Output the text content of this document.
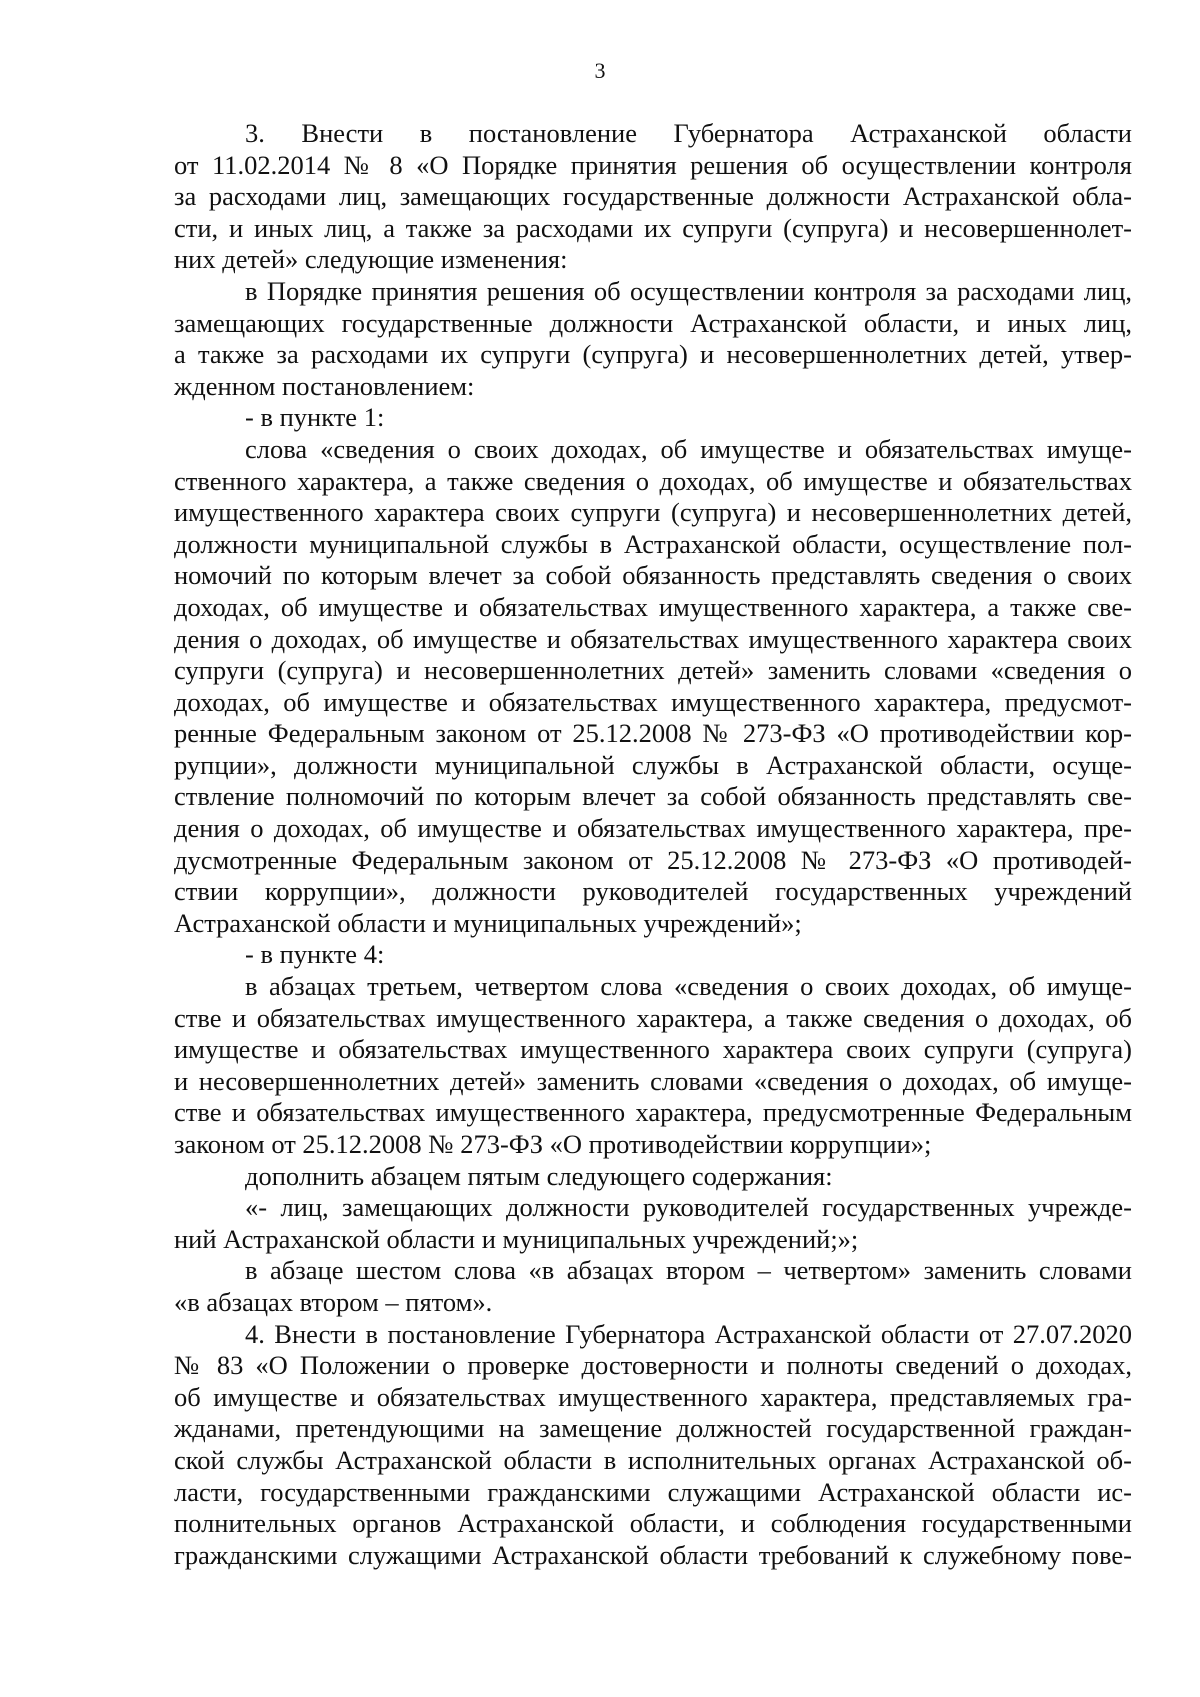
3
3. Внести в постановление Губернатора Астраханской области
от 11.02.2014 № 8 «О Порядке принятия решения об осуществлении контроля
за расходами лиц, замещающих государственные должности Астраханской обла-
сти, и иных лиц, а также за расходами их супруги (супруга) и несовершеннолет-
них детей» следующие изменения:
в Порядке принятия решения об осуществлении контроля за расходами лиц,
замещающих государственные должности Астраханской области, и иных лиц,
а также за расходами их супруги (супруга) и несовершеннолетних детей, утвер-
жденном постановлением:
- в пункте 1:
слова «сведения о своих доходах, об имуществе и обязательствах имуще-
ственного характера, а также сведения о доходах, об имуществе и обязательствах
имущественного характера своих супруги (супруга) и несовершеннолетних детей,
должности муниципальной службы в Астраханской области, осуществление пол-
номочий по которым влечет за собой обязанность представлять сведения о своих
доходах, об имуществе и обязательствах имущественного характера, а также све-
дения о доходах, об имуществе и обязательствах имущественного характера своих
супруги (супруга) и несовершеннолетних детей» заменить словами «сведения о
доходах, об имуществе и обязательствах имущественного характера, предусмот-
ренные Федеральным законом от 25.12.2008 № 273-ФЗ «О противодействии кор-
рупции», должности муниципальной службы в Астраханской области, осуще-
ствление полномочий по которым влечет за собой обязанность представлять све-
дения о доходах, об имуществе и обязательствах имущественного характера, пре-
дусмотренные Федеральным законом от 25.12.2008 № 273-ФЗ «О противодей-
ствии коррупции», должности руководителей государственных учреждений
Астраханской области и муниципальных учреждений»;
- в пункте 4:
в абзацах третьем, четвертом слова «сведения о своих доходах, об имуще-
стве и обязательствах имущественного характера, а также сведения о доходах, об
имуществе и обязательствах имущественного характера своих супруги (супруга)
и несовершеннолетних детей» заменить словами «сведения о доходах, об имуще-
стве и обязательствах имущественного характера, предусмотренные Федеральным
законом от 25.12.2008 № 273-ФЗ «О противодействии коррупции»;
дополнить абзацем пятым следующего содержания:
«- лиц, замещающих должности руководителей государственных учрежде-
ний Астраханской области и муниципальных учреждений;»;
в абзаце шестом слова «в абзацах втором – четвертом» заменить словами
«в абзацах втором – пятом».
4. Внести в постановление Губернатора Астраханской области от 27.07.2020
№ 83 «О Положении о проверке достоверности и полноты сведений о доходах,
об имуществе и обязательствах имущественного характера, представляемых гра-
жданами, претендующими на замещение должностей государственной граждан-
ской службы Астраханской области в исполнительных органах Астраханской об-
ласти, государственными гражданскими служащими Астраханской области ис-
полнительных органов Астраханской области, и соблюдения государственными
гражданскими служащими Астраханской области требований к служебному пове-
